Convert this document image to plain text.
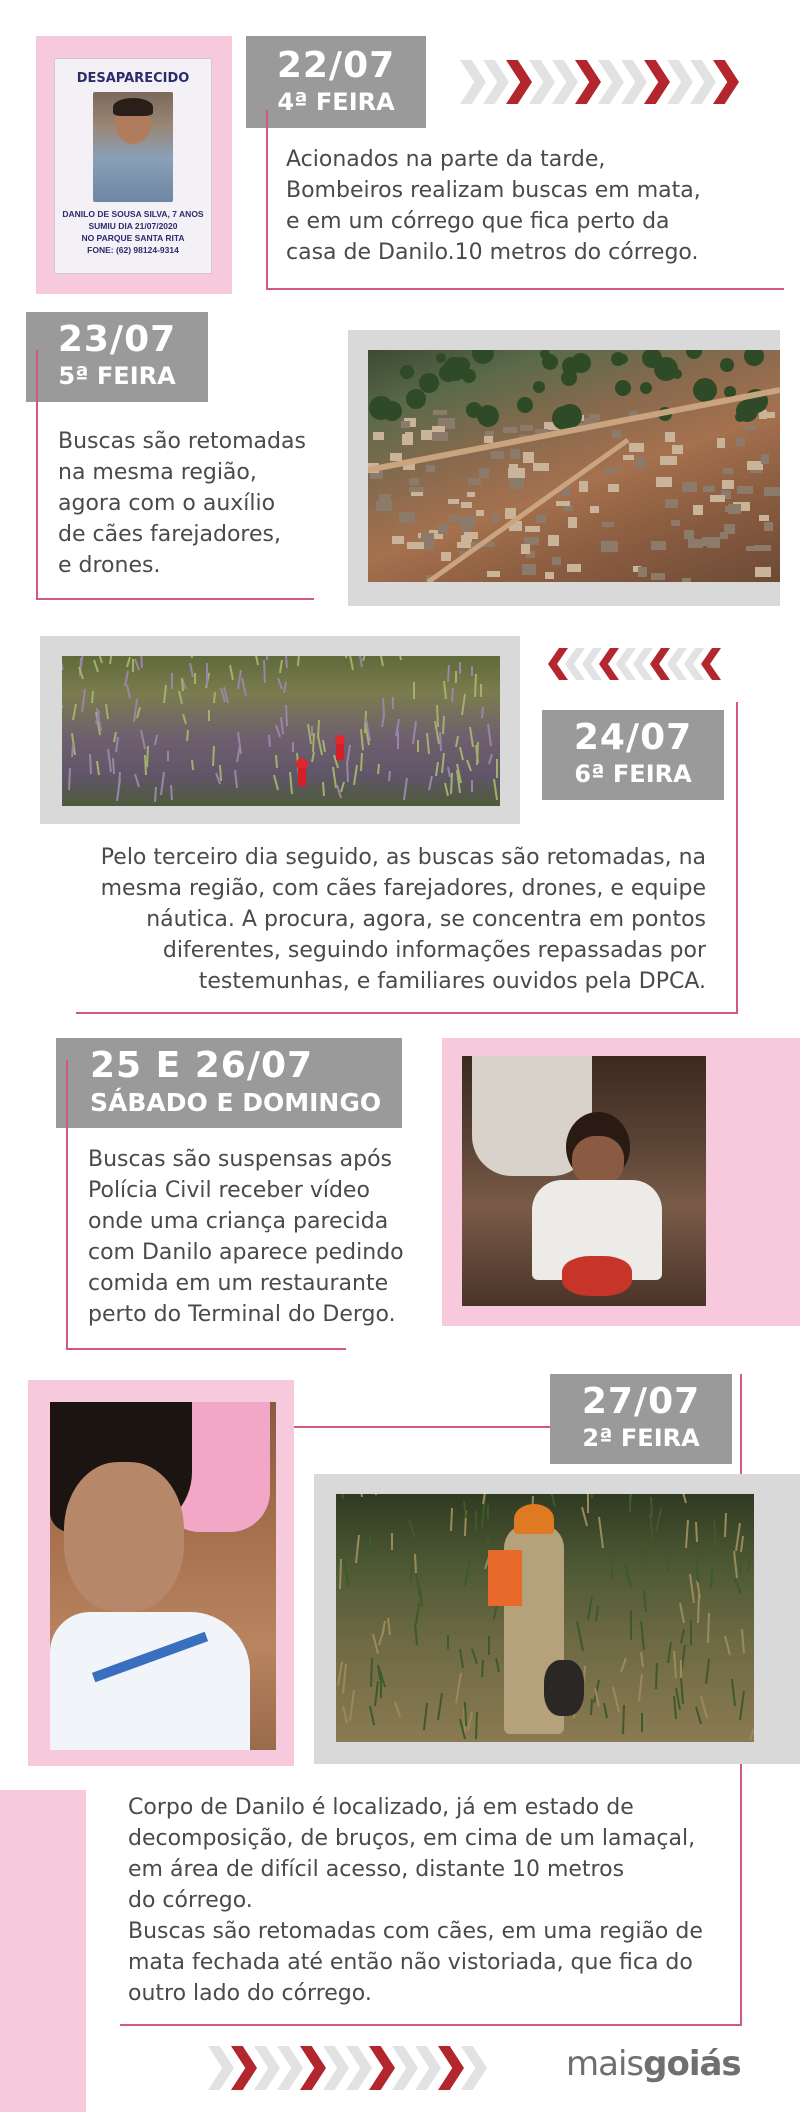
DESAPARECIDO
DANILO DE SOUSA SILVA, 7 ANOS
SUMIU DIA 21/07/2020
NO PARQUE SANTA RITA
FONE: (62) 98124-9314
22/07
4ª FEIRA
Acionados na parte da tarde,
Bombeiros realizam buscas em mata,
e em um córrego que fica perto da
casa de Danilo.10 metros do córrego.
23/07
5ª FEIRA
Buscas são retomadas
na mesma região,
agora com o auxílio
de cães farejadores,
e drones.
24/07
6ª FEIRA
Pelo terceiro dia seguido, as buscas são retomadas, na
mesma região, com cães farejadores, drones, e equipe
náutica. A procura, agora, se concentra em pontos
diferentes, seguindo informações repassadas por
testemunhas, e familiares ouvidos pela DPCA.
25 E 26/07
SÁBADO E DOMINGO
Buscas são suspensas após
Polícia Civil receber vídeo
onde uma criança parecida
com Danilo aparece pedindo
comida em um restaurante
perto do Terminal do Dergo.
27/07
2ª FEIRA
Corpo de Danilo é localizado, já em estado de
decomposição, de bruços, em cima de um lamaçal,
em área de difícil acesso, distante 10 metros
do córrego.
Buscas são retomadas com cães, em uma região de
mata fechada até então não vistoriada, que fica do
outro lado do córrego.
maisgoiás
